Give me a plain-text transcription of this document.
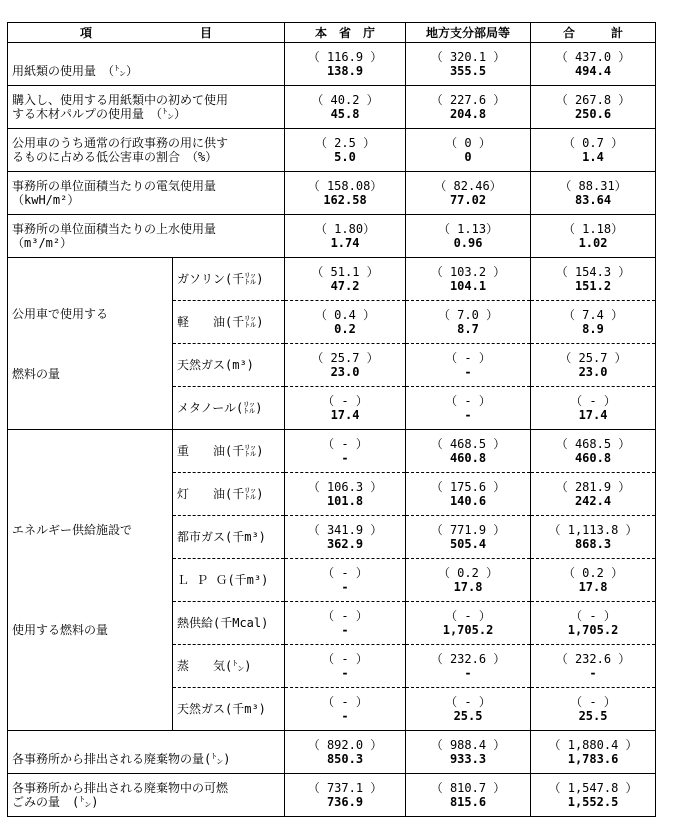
項　　　　　　　　　目		本　省　庁	地方支分部局等	合　　　計
		（ 116.9 ）	（ 320.1 ）	（ 437.0 ）
用紙類の使用量　（㌧）		138.9	355.5	494.4
購入し、使用する用紙類中の初めて使用		（ 40.2 ）	（ 227.6 ）	（ 267.8 ）
する木材パルプの使用量　（㌧）		45.8	204.8	250.6
公用車のうち通常の行政事務の用に供す		（ 2.5 ）	（ 0 ）	（ 0.7 ）
るものに占める低公害車の割合　（%）		5.0	0	1.4
事務所の単位面積当たりの電気使用量		（ 158.08）	（ 82.46）	（ 88.31）
（kwH/m²）		162.58	77.02	83.64
事務所の単位面積当たりの上水使用量		（ 1.80）	（ 1.13）	（ 1.18）
（m³/m²）		1.74	0.96	1.02

公用車で使用する
燃料の量	ガソリン(千㍑)	（ 51.1 ）	（ 103.2 ）	（ 154.3 ）
		47.2	104.1	151.2
	軽　　油(千㍑)	（ 0.4 ）	（ 7.0 ）	（ 7.4 ）
		0.2	8.7	8.9
	天然ガス(m³)	（ 25.7 ）	（ - ）	（ 25.7 ）
		23.0	-	23.0
	メタノール(㍑)	（ - ）	（ - ）	（ - ）
		17.4	-	17.4

エネルギー供給施設で
使用する燃料の量	重　　油(千㍑)	（ - ）	（ 468.5 ）	（ 468.5 ）
		-	460.8	460.8
	灯　　油(千㍑)	（ 106.3 ）	（ 175.6 ）	（ 281.9 ）
		101.8	140.6	242.4
	都市ガス(千m³)	（ 341.9 ）	（ 771.9 ）	（ 1,113.8 ）
		362.9	505.4	868.3
	Ｌ Ｐ Ｇ(千m³)	（ - ）	（ 0.2 ）	（ 0.2 ）
		-	17.8	17.8
	熱供給(千Mcal)	（ - ）	（ - ）	（ - ）
		-	1,705.2	1,705.2
	蒸　　気(㌧)	（ - ）	（ 232.6 ）	（ 232.6 ）
		-	-	-
	天然ガス(千m³)	（ - ）	（ - ）	（ - ）
		-	25.5	25.5
		（ 892.0 ）	（ 988.4 ）	（ 1,880.4 ）
各事務所から排出される廃棄物の量(㌧)		850.3	933.3	1,783.6
各事務所から排出される廃棄物中の可燃		（ 737.1 ）	（ 810.7 ）	（ 1,547.8 ）
ごみの量　(㌧)		736.9	815.6	1,552.5
